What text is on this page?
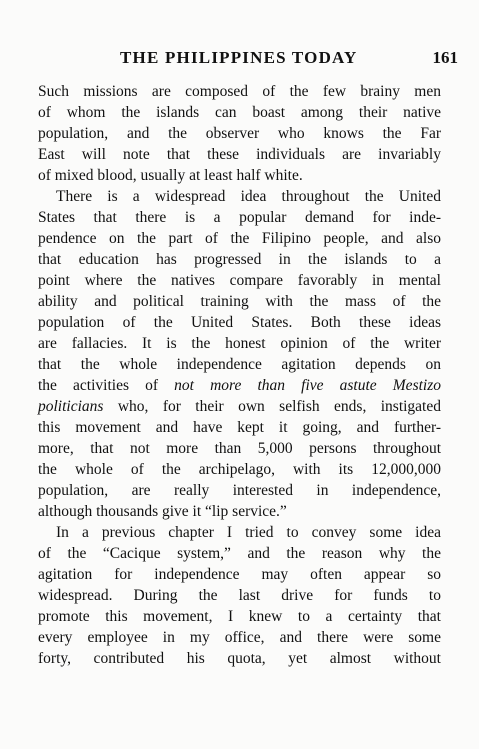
THE PHILIPPINES TODAY	161
Such missions are composed of the few brainy men
of whom the islands can boast among their native
population, and the observer who knows the Far
East will note that these individuals are invariably
of mixed blood, usually at least half white.
There is a widespread idea throughout the United
States that there is a popular demand for inde-
pendence on the part of the Filipino people, and also
that education has progressed in the islands to a
point where the natives compare favorably in mental
ability and political training with the mass of the
population of the United States. Both these ideas
are fallacies. It is the honest opinion of the writer
that the whole independence agitation depends on
the activities of not more than five astute Mestizo
politicians who, for their own selfish ends, instigated
this movement and have kept it going, and further-
more, that not more than 5,000 persons throughout
the whole of the archipelago, with its 12,000,000
population, are really interested in independence,
although thousands give it “lip service.”
In a previous chapter I tried to convey some idea
of the “Cacique system,” and the reason why the
agitation for independence may often appear so
widespread. During the last drive for funds to
promote this movement, I knew to a certainty that
every employee in my office, and there were some
forty, contributed his quota, yet almost without
